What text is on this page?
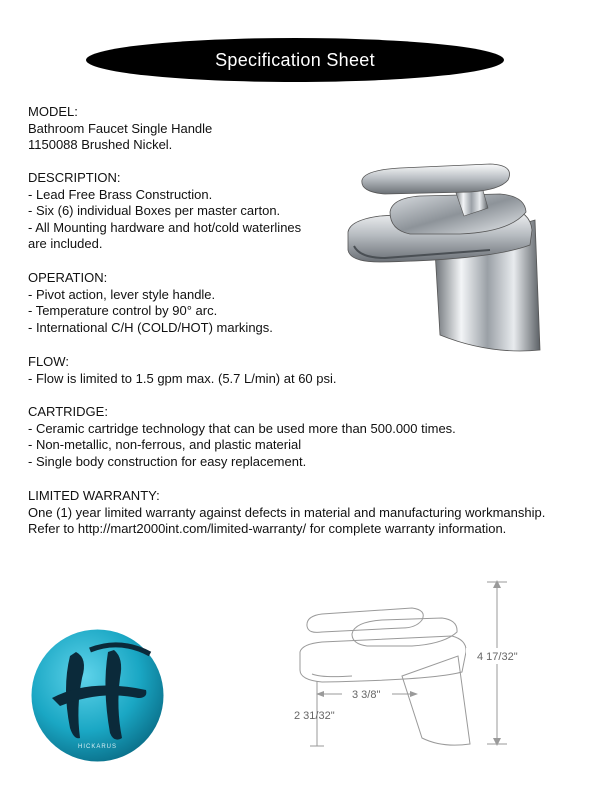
Specification Sheet
MODEL:
Bathroom Faucet Single Handle
1150088 Brushed Nickel.
DESCRIPTION:
- Lead Free Brass Construction.
- Six (6) individual Boxes per master carton.
- All Mounting hardware and hot/cold waterlines
are included.
OPERATION:
- Pivot action, lever style handle.
- Temperature control by 90° arc.
- International C/H (COLD/HOT) markings.
FLOW:
- Flow is limited to 1.5 gpm max. (5.7 L/min) at 60 psi.
CARTRIDGE:
- Ceramic cartridge technology that can be used more than 500.000 times.
- Non-metallic, non-ferrous, and plastic material
- Single body construction for easy replacement.
LIMITED WARRANTY:
One (1) year limited warranty against defects in material and manufacturing workmanship.
Refer to http://mart2000int.com/limited-warranty/ for complete warranty information.
4 17/32"
3 3/8"
2 31/32"
HICKARUS
